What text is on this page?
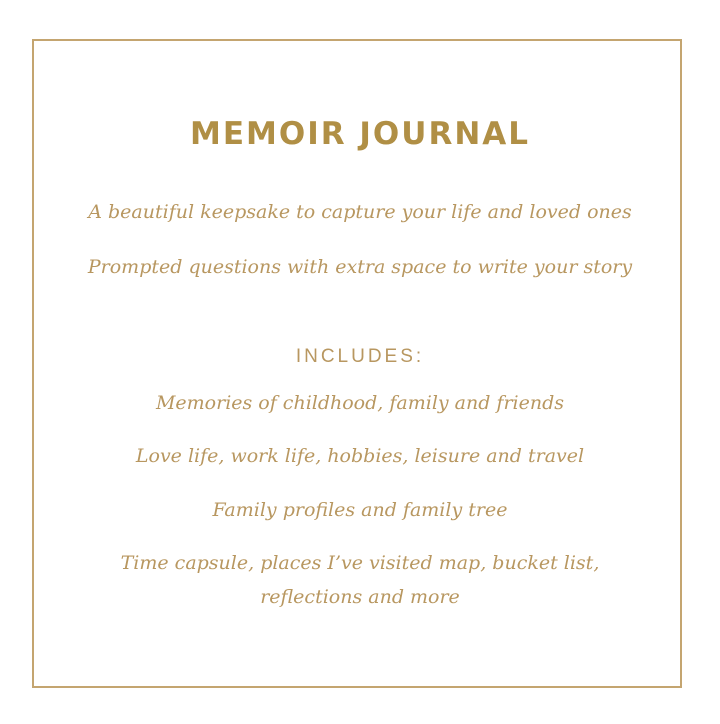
MEMOIR JOURNAL
A beautiful keepsake to capture your life and loved ones
Prompted questions with extra space to write your story
INCLUDES:
Memories of childhood, family and friends
Love life, work life, hobbies, leisure and travel
Family profiles and family tree
Time capsule, places I’ve visited map, bucket list,
reflections and more
